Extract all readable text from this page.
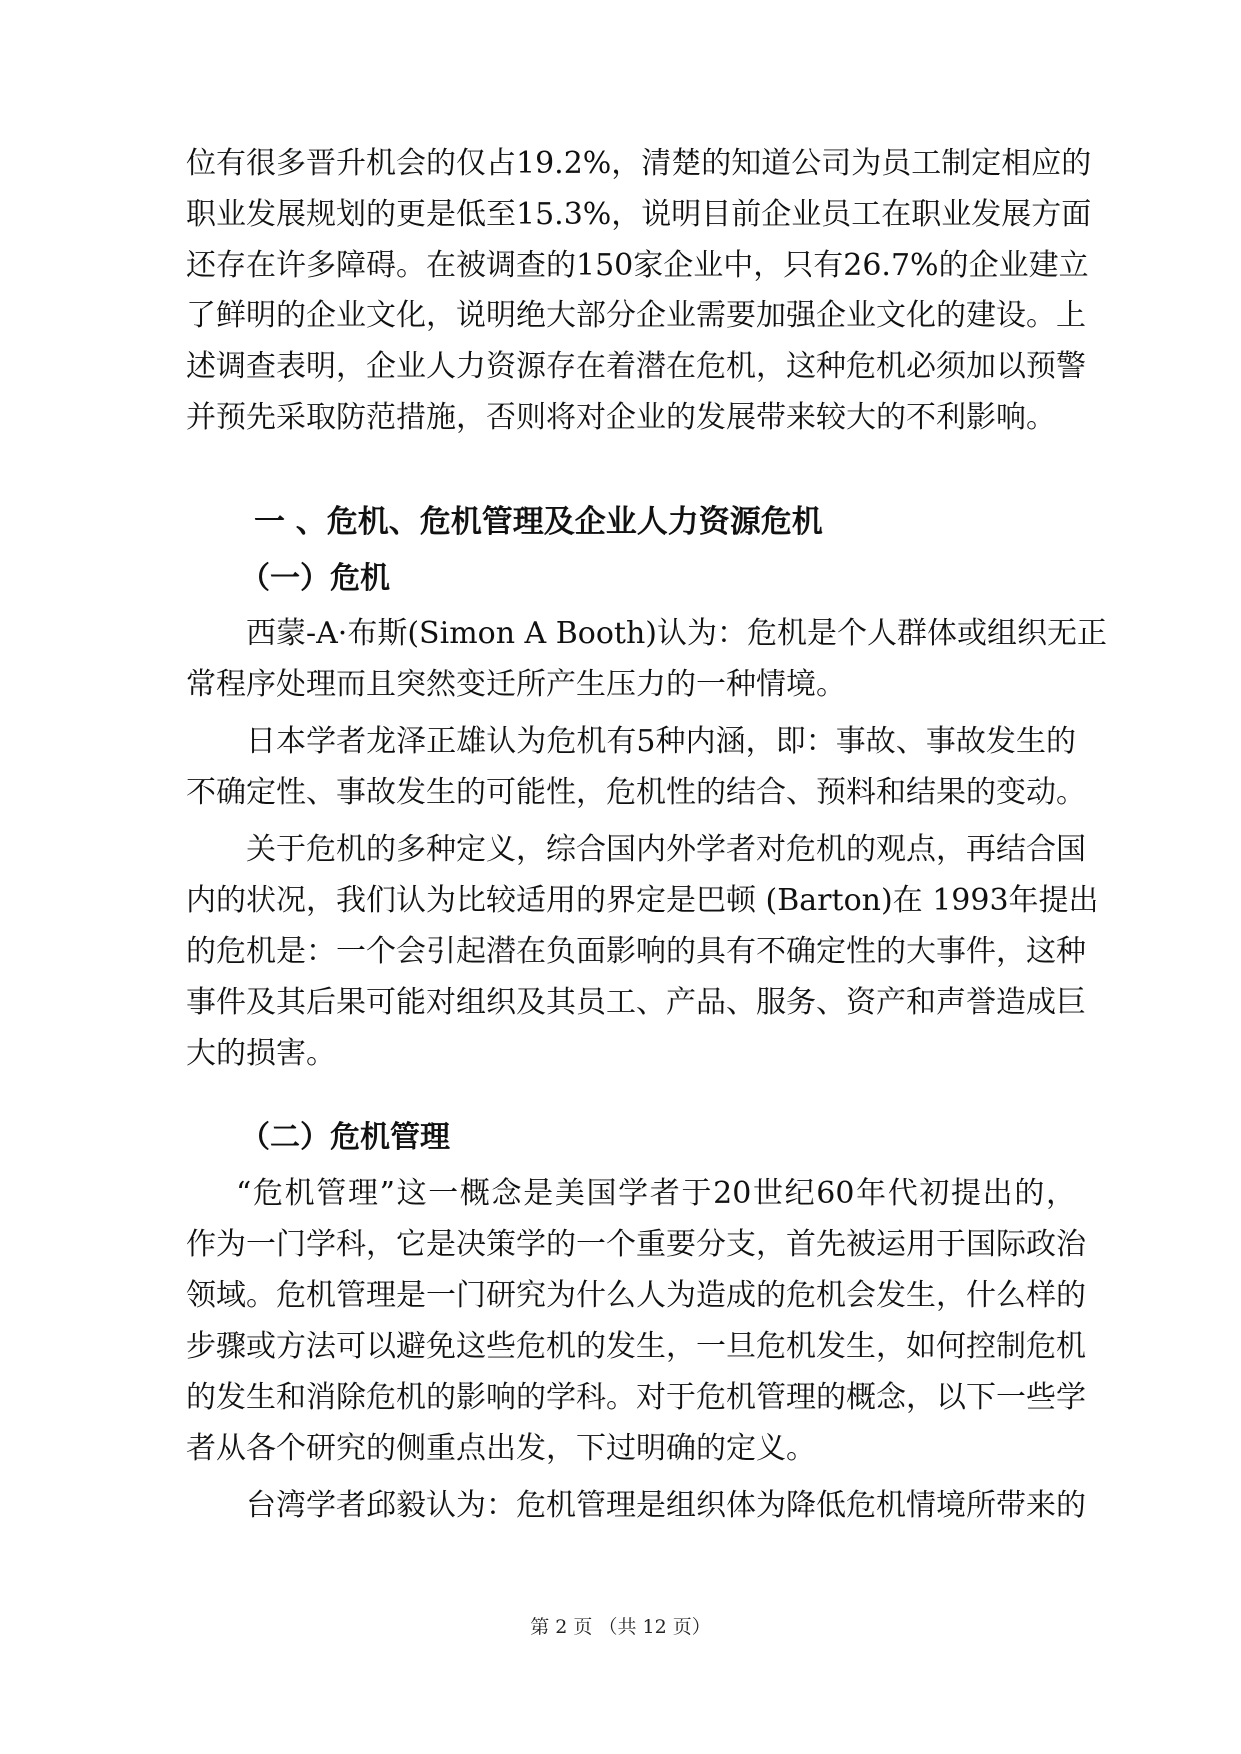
位有很多晋升机会的仅占19.2%，清楚的知道公司为员工制定相应的
职业发展规划的更是低至15.3%，说明目前企业员工在职业发展方面
还存在许多障碍。在被调查的150家企业中，只有26.7%的企业建立
了鲜明的企业文化，说明绝大部分企业需要加强企业文化的建设。上
述调查表明，企业人力资源存在着潜在危机，这种危机必须加以预警
并预先采取防范措施，否则将对企业的发展带来较大的不利影响。
一 、危机、危机管理及企业人力资源危机
（一）危机
西蒙-A·布斯(Simon A Booth)认为：危机是个人群体或组织无正
常程序处理而且突然变迁所产生压力的一种情境。
日本学者龙泽正雄认为危机有5种内涵，即：事故、事故发生的
不确定性、事故发生的可能性，危机性的结合、预料和结果的变动。
关于危机的多种定义，综合国内外学者对危机的观点，再结合国
内的状况，我们认为比较适用的界定是巴顿 (Barton)在 1993年提出
的危机是：一个会引起潜在负面影响的具有不确定性的大事件，这种
事件及其后果可能对组织及其员工、产品、服务、资产和声誉造成巨
大的损害。
（二）危机管理
“危机管理”这一概念是美国学者于20世纪60年代初提出的，
作为一门学科，它是决策学的一个重要分支，首先被运用于国际政治
领域。危机管理是一门研究为什么人为造成的危机会发生，什么样的
步骤或方法可以避免这些危机的发生，一旦危机发生，如何控制危机
的发生和消除危机的影响的学科。对于危机管理的概念，以下一些学
者从各个研究的侧重点出发，下过明确的定义。
台湾学者邱毅认为：危机管理是组织体为降低危机情境所带来的
第 2 页 （共 12 页）
